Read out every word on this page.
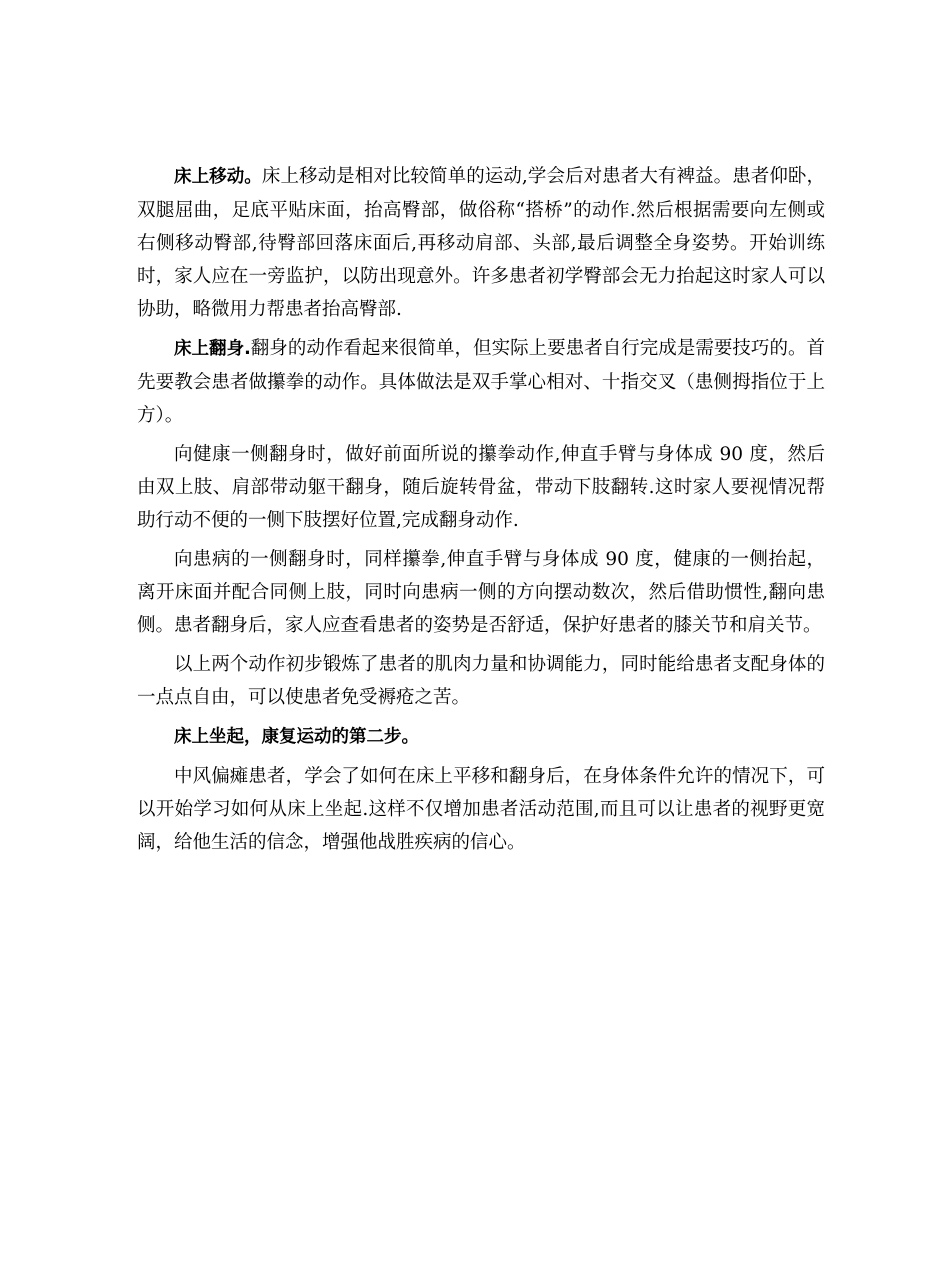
床上移动。床上移动是相对比较简单的运动,学会后对患者大有裨益。患者仰卧，双腿屈曲，足底平贴床面，抬高臀部，做俗称“搭桥”的动作.然后根据需要向左侧或右侧移动臀部,待臀部回落床面后,再移动肩部、头部,最后调整全身姿势。开始训练时，家人应在一旁监护，以防出现意外。许多患者初学臀部会无力抬起这时家人可以协助，略微用力帮患者抬高臀部.

床上翻身.翻身的动作看起来很简单，但实际上要患者自行完成是需要技巧的。首先要教会患者做攥拳的动作。具体做法是双手掌心相对、十指交叉（患侧拇指位于上方）。

向健康一侧翻身时，做好前面所说的攥拳动作,伸直手臂与身体成 90 度，然后由双上肢、肩部带动躯干翻身，随后旋转骨盆，带动下肢翻转.这时家人要视情况帮助行动不便的一侧下肢摆好位置,完成翻身动作.

向患病的一侧翻身时，同样攥拳,伸直手臂与身体成 90 度，健康的一侧抬起，离开床面并配合同侧上肢，同时向患病一侧的方向摆动数次，然后借助惯性,翻向患侧。患者翻身后，家人应查看患者的姿势是否舒适，保护好患者的膝关节和肩关节。

以上两个动作初步锻炼了患者的肌肉力量和协调能力，同时能给患者支配身体的一点点自由，可以使患者免受褥疮之苦。

床上坐起，康复运动的第二步。

中风偏瘫患者，学会了如何在床上平移和翻身后，在身体条件允许的情况下，可以开始学习如何从床上坐起.这样不仅增加患者活动范围,而且可以让患者的视野更宽阔，给他生活的信念，增强他战胜疾病的信心。
